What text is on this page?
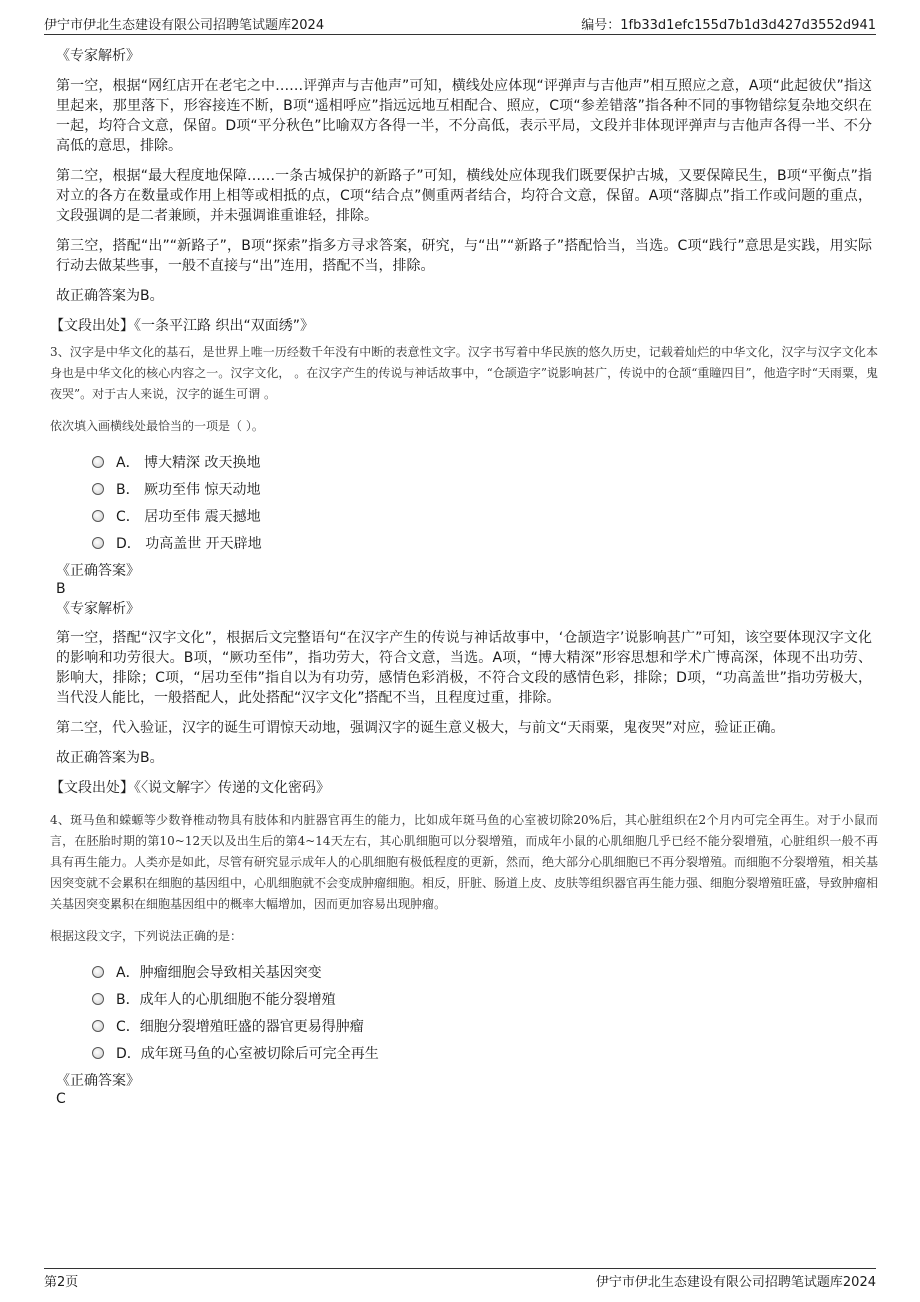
伊宁市伊北生态建设有限公司招聘笔试题库2024	编号：1fb33d1efc155d7b1d3d427d3552d941

《专家解析》

第一空，根据“网红店开在老宅之中……评弹声与吉他声”可知，横线处应体现“评弹声与吉他声”相互照应之意，A项“此起彼伏”指这里起来，那里落下，形容接连不断，B项“遥相呼应”指远远地互相配合、照应，C项“参差错落”指各种不同的事物错综复杂地交织在一起，均符合文意，保留。D项“平分秋色”比喻双方各得一半，不分高低，表示平局，文段并非体现评弹声与吉他声各得一半、不分高低的意思，排除。

第二空，根据“最大程度地保障……一条古城保护的新路子”可知，横线处应体现我们既要保护古城，又要保障民生，B项“平衡点”指对立的各方在数量或作用上相等或相抵的点，C项“结合点”侧重两者结合，均符合文意，保留。A项“落脚点”指工作或问题的重点，文段强调的是二者兼顾，并未强调谁重谁轻，排除。

第三空，搭配“出”“新路子”，B项“探索”指多方寻求答案，研究，与“出”“新路子”搭配恰当，当选。C项“践行”意思是实践，用实际行动去做某些事，一般不直接与“出”连用，搭配不当，排除。

故正确答案为B。

【文段出处】《一条平江路 织出“双面绣”》

3、汉字是中华文化的基石，是世界上唯一历经数千年没有中断的表意性文字。汉字书写着中华民族的悠久历史，记载着灿烂的中华文化，汉字与汉字文化本身也是中华文化的核心内容之一。汉字文化， 。在汉字产生的传说与神话故事中，“仓颉造字”说影响甚广，传说中的仓颉“重瞳四目”，他造字时“天雨粟，鬼夜哭”。对于古人来说，汉字的诞生可谓 。

依次填入画横线处最恰当的一项是（ ）。

A． 博大精深 改天换地
B． 厥功至伟 惊天动地
C． 居功至伟 震天撼地
D． 功高盖世 开天辟地

《正确答案》

B

《专家解析》

第一空，搭配“汉字文化”，根据后文完整语句“在汉字产生的传说与神话故事中，‘仓颉造字’说影响甚广”可知，该空要体现汉字文化的影响和功劳很大。B项，“厥功至伟”，指功劳大，符合文意，当选。A项，“博大精深”形容思想和学术广博高深，体现不出功劳、影响大，排除；C项，“居功至伟”指自以为有功劳，感情色彩消极，不符合文段的感情色彩，排除；D项，“功高盖世”指功劳极大，当代没人能比，一般搭配人，此处搭配“汉字文化”搭配不当，且程度过重，排除。

第二空，代入验证，汉字的诞生可谓惊天动地，强调汉字的诞生意义极大，与前文“天雨粟，鬼夜哭”对应，验证正确。

故正确答案为B。

【文段出处】《〈说文解字〉传递的文化密码》

4、斑马鱼和蝾螈等少数脊椎动物具有肢体和内脏器官再生的能力，比如成年斑马鱼的心室被切除20%后，其心脏组织在2个月内可完全再生。对于小鼠而言，在胚胎时期的第10~12天以及出生后的第4~14天左右，其心肌细胞可以分裂增殖，而成年小鼠的心肌细胞几乎已经不能分裂增殖，心脏组织一般不再具有再生能力。人类亦是如此，尽管有研究显示成年人的心肌细胞有极低程度的更新，然而，绝大部分心肌细胞已不再分裂增殖。而细胞不分裂增殖，相关基因突变就不会累积在细胞的基因组中，心肌细胞就不会变成肿瘤细胞。相反，肝脏、肠道上皮、皮肤等组织器官再生能力强、细胞分裂增殖旺盛，导致肿瘤相关基因突变累积在细胞基因组中的概率大幅增加，因而更加容易出现肿瘤。

根据这段文字，下列说法正确的是：

A．肿瘤细胞会导致相关基因突变
B．成年人的心肌细胞不能分裂增殖
C．细胞分裂增殖旺盛的器官更易得肿瘤
D．成年斑马鱼的心室被切除后可完全再生

《正确答案》

C

第2页	伊宁市伊北生态建设有限公司招聘笔试题库2024
